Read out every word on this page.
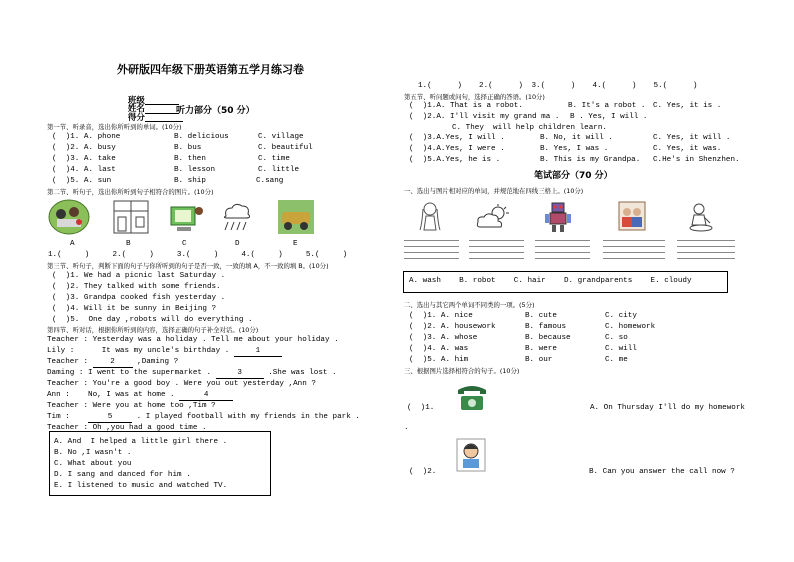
外研版四年级下册英语第五学月练习卷

班级
姓名
得分

听力部分（50 分）
第一节、听录音，选出你所听到的单词。(10分)
(  )1. A. phone	B. delicious	C. village
(  )2. A. busy	B. bus	C. beautiful
(  )3. A. take	B. then	C. time
(  )4. A. last	B. lesson	C. little
(  )5. A. sun	B. ship	C.sang
第二节、听句子，选出你所听到句子相符合的图片。(10分)
A	B	C	D	E
1.(  )  2.(  )  3.(  )  4.(  )  5.(  )
第三节、听句子，判断下面的句子与你所听到的句子是否一致，一致的填 A，不一致的填 B。(10分)
(  )1. We had a picnic last Saturday .
(  )2. They talked with some friends.
(  )3. Grandpa cooked fish yesterday .
(  )4. Will it be sunny in Beijing ?
(  )5.  One day ,robots will do everything .
第四节、听对话，根据你所听到的内容，选择正确的句子补全对话。(10分)
Teacher : Yesterday was a holiday . Tell me about your holiday .
Lily :	It was my uncle's birthday .	1
Teacher :	2 ,Daming ?
Daming : I went to the supermarket .	3	.She was lost .
Teacher : You're a good boy . Were you out yesterday ,Ann ?
Ann : No, I was at home .	4
Teacher : Were you at home too ,Tim ?
Tim :	5	. I played football with my friends in the park .
Teacher : Oh ,you had a good time .
A. And  I helped a little girl there .
B. No ,I wasn't .
C. What about you
D. I sang and danced for him .
E. I listened to music and watched TV.
1.(   )  2.(   ) 3.(   )  4.(   )  5.(   )
第五节、听问题或问句，选择正确的答语。(10分)
(  )1.A. That is a robot.	B. It's a robot . C. Yes, it is .
(  )2.A. I'll visit my grand ma . B . Yes, I will .
C. They  will help children learn.
(  )3.A.Yes, I will .	B. No, it will .	C. Yes, it will .
(  )4.A.Yes, I were .	B. Yes, I was .	C. Yes, it was.
(  )5.A.Yes, he is .	B. This is my Grandpa. C.He's in Shenzhen.
笔试部分（70 分）
一、选出与图片相对应的单词，并规范地在四线三格上。(10分)
A. wash    B. robot    C. hair    D. grandparents    E. cloudy
二、选出与其它两个单词不同类的一项。(5分)
(  )1. A. nice	B. cute	C. city
(  )2. A. housework	B. famous	C. homework
(  )3. A. whose	B. because	C. so
(  )4. A. was	B. were	C. will
(  )5. A. him	B. our	C. me
三、根据图片选择相符合的句子。(10分)
(  )1.	A. On Thursday I'll do my homework
.
(  )2.	B. Can you answer the call now ?
